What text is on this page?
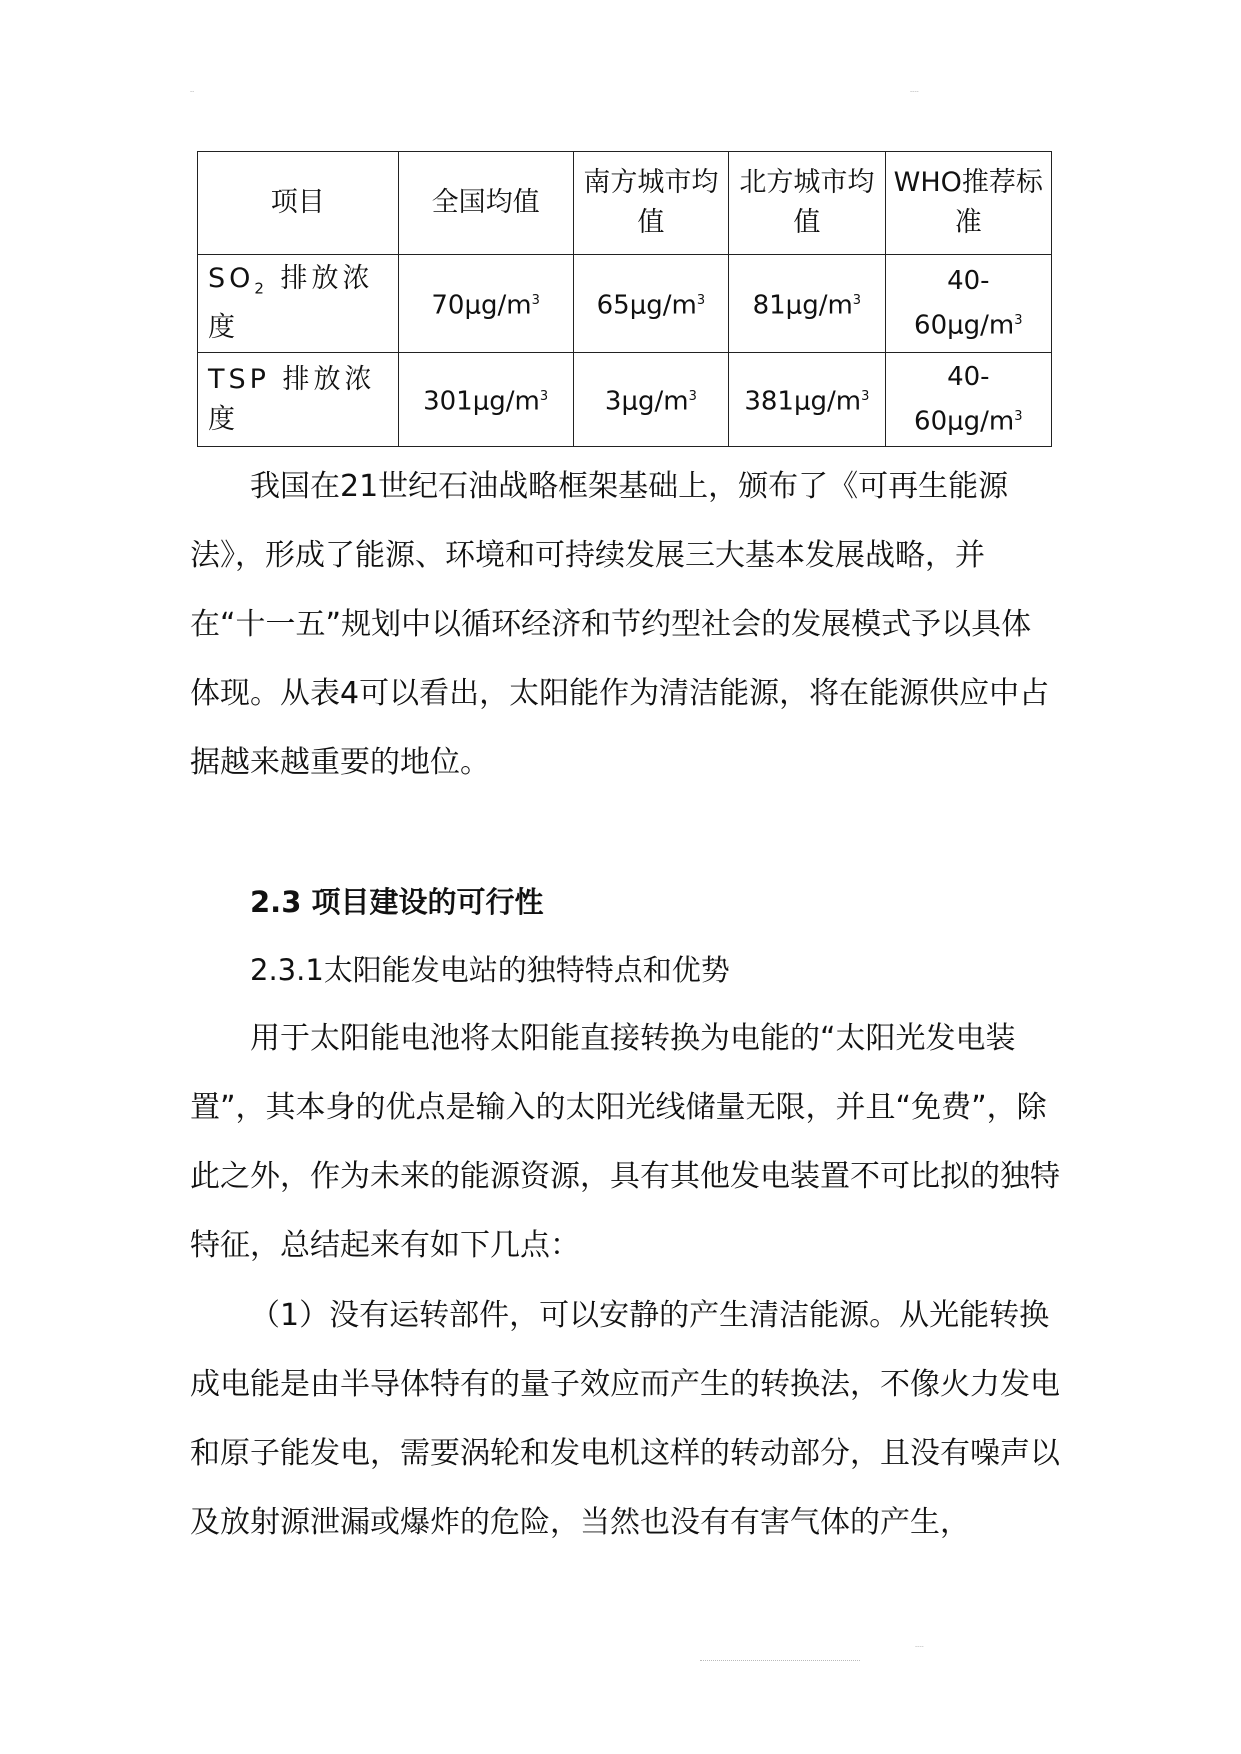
--	----
项目	全国均值	南方城市均值	北方城市均值	WHO推荐标准
$SO_2$ 排放浓度	$70\mu g/m^3$	$65\mu g/m^3$	$81\mu g/m^3$	$40-60\mu g/m^3$
TSP 排放浓度	$301\mu g/m^3$	$3\mu g/m^3$	$381\mu g/m^3$	$40-60\mu g/m^3$

我国在21世纪石油战略框架基础上，颁布了《可再生能源法》，形成了能源、环境和可持续发展三大基本发展战略，并在“十一五”规划中以循环经济和节约型社会的发展模式予以具体体现。从表4可以看出，太阳能作为清洁能源，将在能源供应中占据越来越重要的地位。

2.3 项目建设的可行性

2.3.1太阳能发电站的独特特点和优势

用于太阳能电池将太阳能直接转换为电能的“太阳光发电装置”，其本身的优点是输入的太阳光线储量无限，并且“免费”，除此之外，作为未来的能源资源，具有其他发电装置不可比拟的独特特征，总结起来有如下几点：

（1）没有运转部件，可以安静的产生清洁能源。从光能转换成电能是由半导体特有的量子效应而产生的转换法，不像火力发电和原子能发电，需要涡轮和发电机这样的转动部分，且没有噪声以及放射源泄漏或爆炸的危险，当然也没有有害气体的产生，

----
